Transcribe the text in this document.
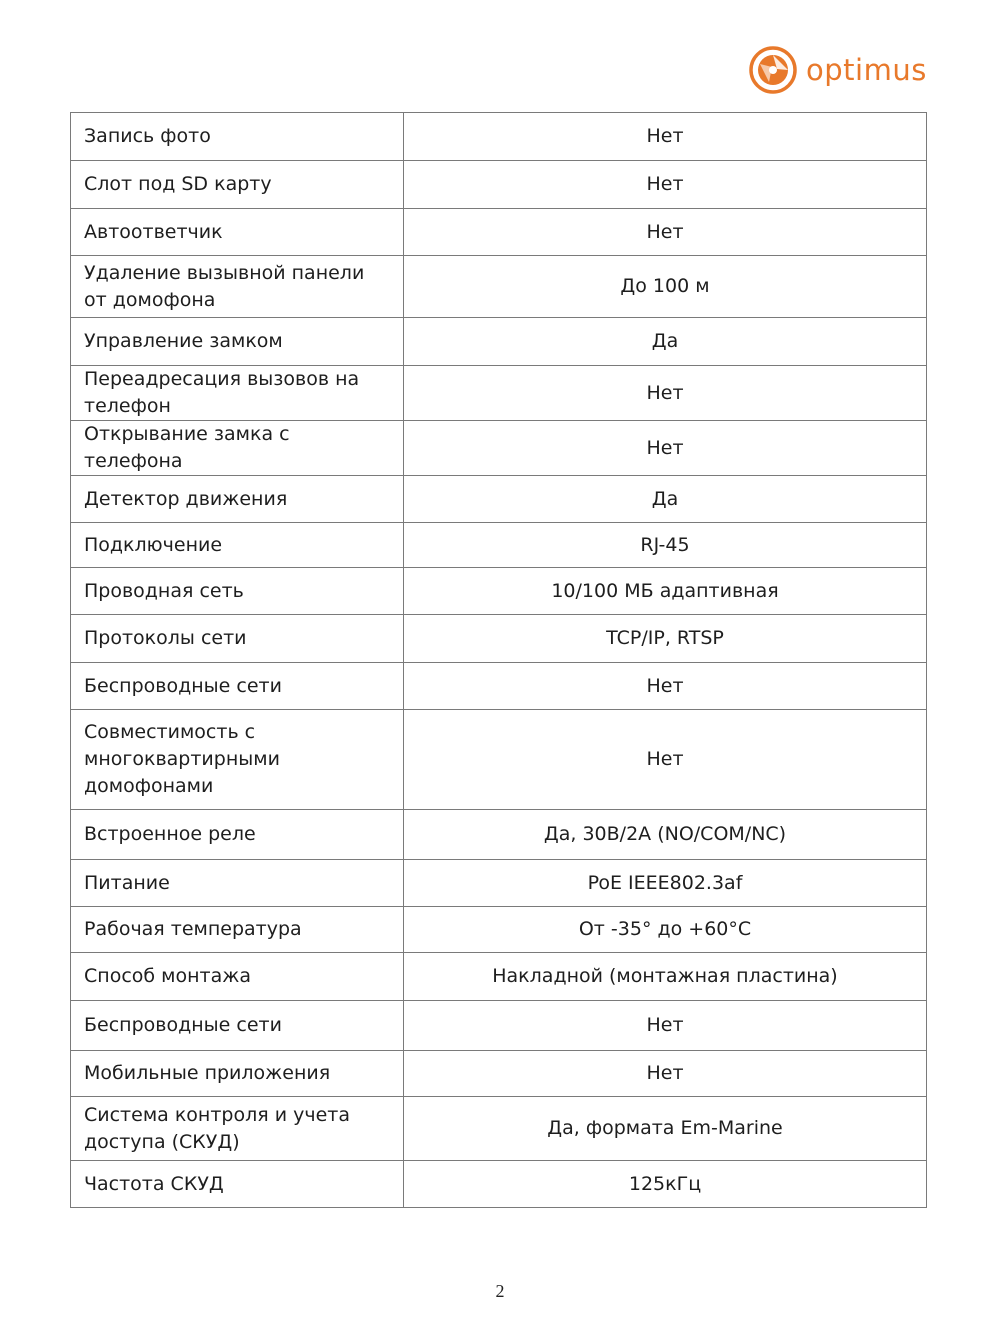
optimus
Запись фото	Нет
Слот под SD карту	Нет
Автоответчик	Нет
Удаление вызывной панели от домофона	До 100 м
Управление замком	Да
Переадресация вызовов на телефон	Нет
Открывание замка с телефона	Нет
Детектор движения	Да
Подключение	RJ-45
Проводная сеть	10/100 МБ адаптивная
Протоколы сети	TCP/IP, RTSP
Беспроводные сети	Нет
Совместимость с многоквартирными домофонами	Нет
Встроенное реле	Да, 30В/2А (NO/COM/NC)
Питание	PoE IEEE802.3af
Рабочая температура	От -35° до +60°С
Способ монтажа	Накладной (монтажная пластина)
Беспроводные сети	Нет
Мобильные приложения	Нет
Система контроля и учета доступа (СКУД)	Да, формата Em-Marine
Частота СКУД	125кГц
2
